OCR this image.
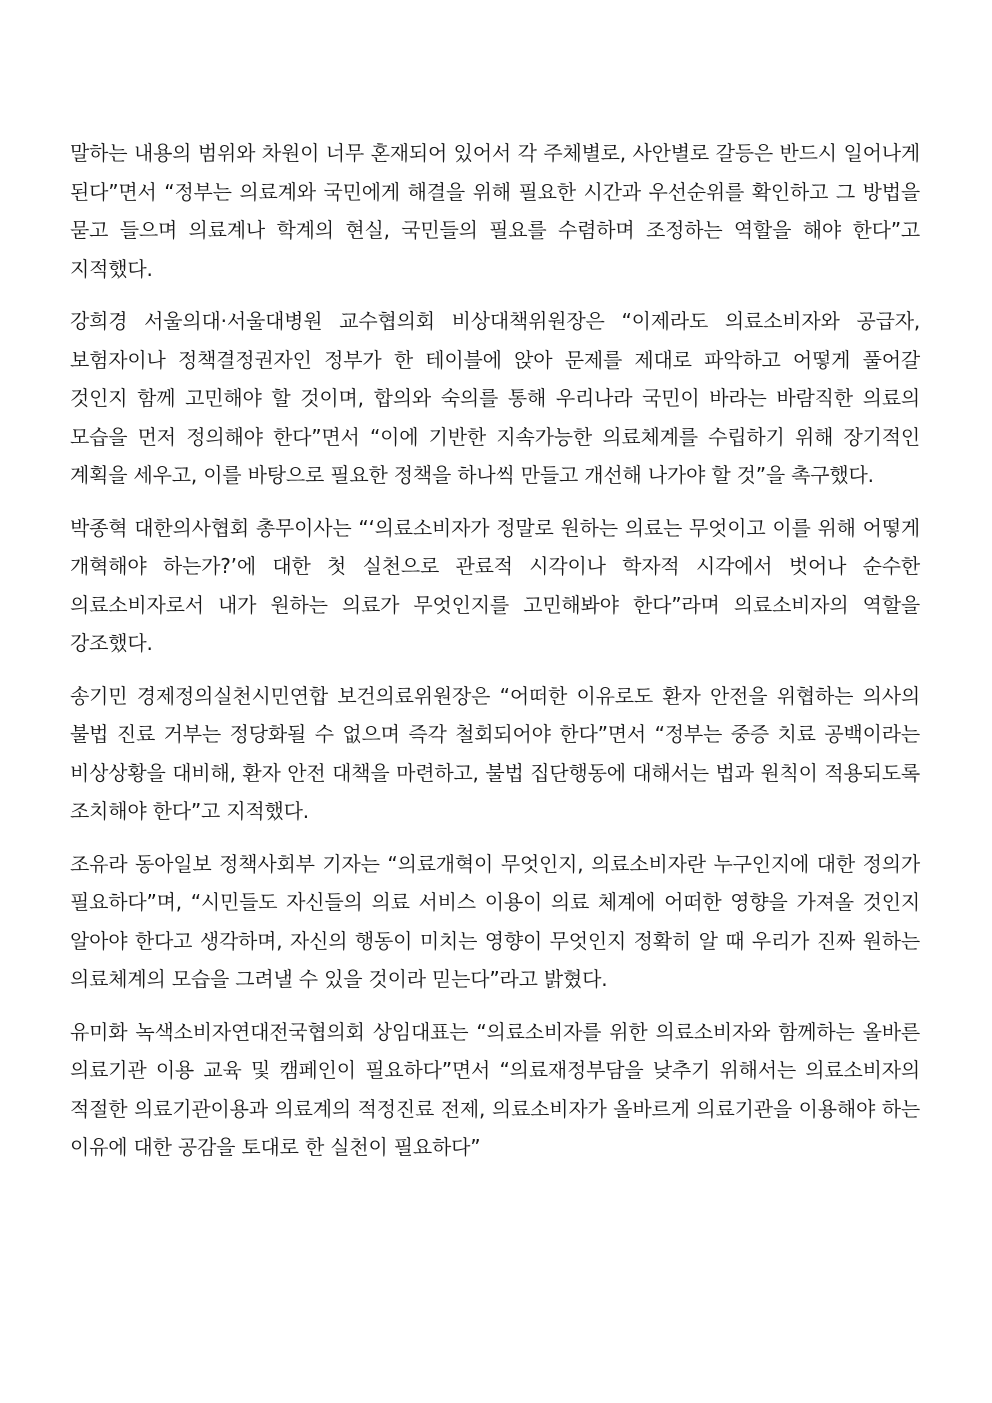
말하는 내용의 범위와 차원이 너무 혼재되어 있어서 각 주체별로, 사안별로 갈등은 반드시 일어나게 된다”면서 “정부는 의료계와 국민에게 해결을 위해 필요한 시간과 우선순위를 확인하고 그 방법을 묻고 들으며 의료계나 학계의 현실, 국민들의 필요를 수렴하며 조정하는 역할을 해야 한다”고 지적했다.

강희경 서울의대·서울대병원 교수협의회 비상대책위원장은 “이제라도 의료소비자와 공급자, 보험자이나 정책결정권자인 정부가 한 테이블에 앉아 문제를 제대로 파악하고 어떻게 풀어갈 것인지 함께 고민해야 할 것이며, 합의와 숙의를 통해 우리나라 국민이 바라는 바람직한 의료의 모습을 먼저 정의해야 한다”면서 “이에 기반한 지속가능한 의료체계를 수립하기 위해 장기적인 계획을 세우고, 이를 바탕으로 필요한 정책을 하나씩 만들고 개선해 나가야 할 것”을 촉구했다.

박종혁 대한의사협회 총무이사는 “‘의료소비자가 정말로 원하는 의료는 무엇이고 이를 위해 어떻게 개혁해야 하는가?’에 대한 첫 실천으로 관료적 시각이나 학자적 시각에서 벗어나 순수한 의료소비자로서 내가 원하는 의료가 무엇인지를 고민해봐야 한다”라며 의료소비자의 역할을 강조했다.

송기민 경제정의실천시민연합 보건의료위원장은 “어떠한 이유로도 환자 안전을 위협하는 의사의 불법 진료 거부는 정당화될 수 없으며 즉각 철회되어야 한다”면서 “정부는 중증 치료 공백이라는 비상상황을 대비해, 환자 안전 대책을 마련하고, 불법 집단행동에 대해서는 법과 원칙이 적용되도록 조치해야 한다”고 지적했다.

조유라 동아일보 정책사회부 기자는 “의료개혁이 무엇인지, 의료소비자란 누구인지에 대한 정의가 필요하다”며, “시민들도 자신들의 의료 서비스 이용이 의료 체계에 어떠한 영향을 가져올 것인지 알아야 한다고 생각하며, 자신의 행동이 미치는 영향이 무엇인지 정확히 알 때 우리가 진짜 원하는 의료체계의 모습을 그려낼 수 있을 것이라 믿는다”라고 밝혔다.

유미화 녹색소비자연대전국협의회 상임대표는 “의료소비자를 위한 의료소비자와 함께하는 올바른 의료기관 이용 교육 및 캠페인이 필요하다”면서 “의료재정부담을 낮추기 위해서는 의료소비자의 적절한 의료기관이용과 의료계의 적정진료 전제, 의료소비자가 올바르게 의료기관을 이용해야 하는 이유에 대한 공감을 토대로 한 실천이 필요하다”
